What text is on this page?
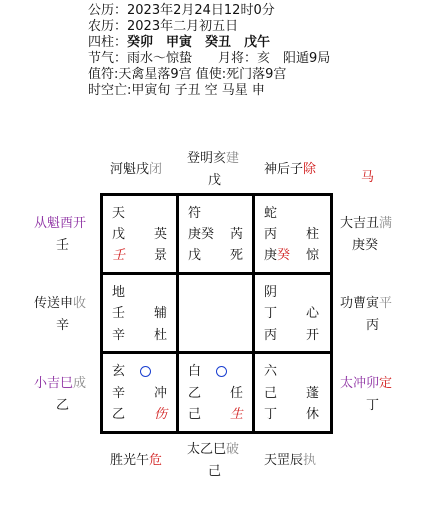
公历：2023年2月24日12时0分
农历：2023年二月初五日
四柱：癸卯　甲寅　癸丑　戊午
节气：雨水～惊蛰　　月将：亥　阳遁9局
值符:天禽星落9宫 值使:死门落9宫
时空亡:甲寅旬 子丑 空 马星 申
河魁戌闭
登明亥建
戊
神后子除
马
从魁酉开
壬
传送申收
辛
小吉巳成
乙
大吉丑满
庚癸
功曹寅平
丙
太冲卯定
丁
胜光午危
太乙巳破
己
天罡辰执
天
戊 英
壬 景
符
庚癸 芮
戊 死
蛇
丙 柱
庚癸 惊
地
壬 辅
辛 杜
阴
丁 心
丙 开
玄
辛 冲
乙 伤
白
乙 任
己 生
六
己 蓬
丁 休
